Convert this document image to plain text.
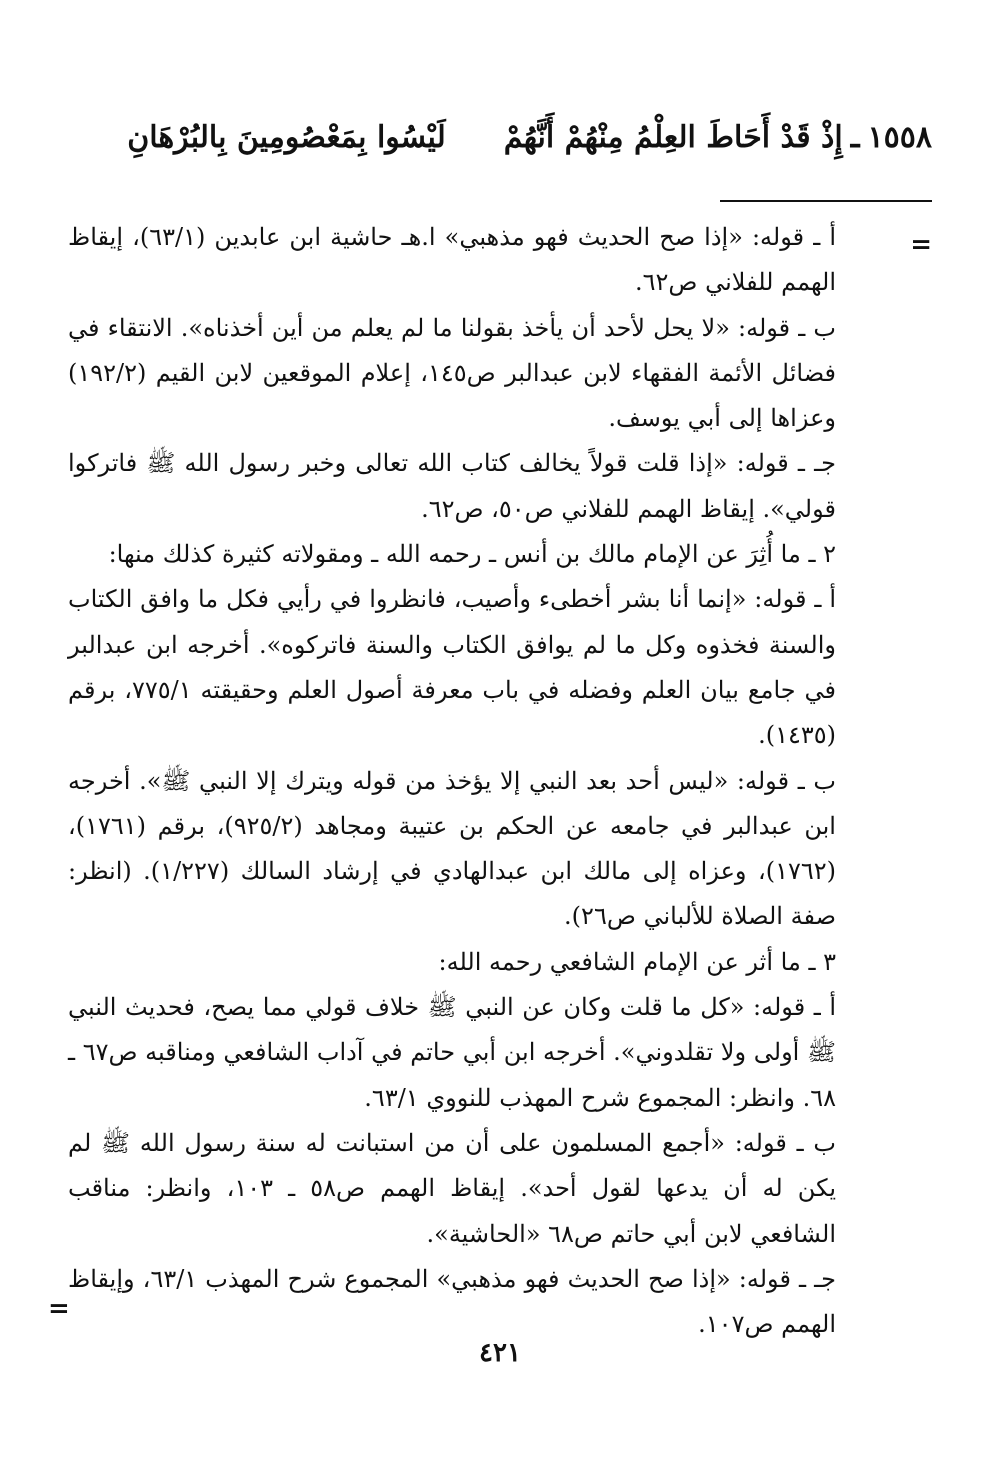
١٥٥٨
ـ
إِذْ قَدْ أَحَاطَ العِلْمُ مِنْهُمْ أَنَّهُمْ
لَيْسُوا بِمَعْصُومِينَ بِالبُرْهَانِ
=

أ ـ قوله: «إذا صح الحديث فهو مذهبي» ا.هـ حاشية ابن عابدين (٦٣/١)، إيقاظ الهمم للفلاني ص٦٢.

ب ـ قوله: «لا يحل لأحد أن يأخذ بقولنا ما لم يعلم من أين أخذناه». الانتقاء في فضائل الأئمة الفقهاء لابن عبدالبر ص١٤٥، إعلام الموقعين لابن القيم (١٩٢/٢) وعزاها إلى أبي يوسف.

جـ ـ قوله: «إذا قلت قولاً يخالف كتاب الله تعالى وخبر رسول الله ﷺ فاتركوا قولي». إيقاظ الهمم للفلاني ص٥٠، ص٦٢.

٢ ـ ما أُثِرَ عن الإمام مالك بن أنس ـ رحمه الله ـ ومقولاته كثيرة كذلك منها:

أ ـ قوله: «إنما أنا بشر أخطىء وأصيب، فانظروا في رأيي فكل ما وافق الكتاب والسنة فخذوه وكل ما لم يوافق الكتاب والسنة فاتركوه». أخرجه ابن عبدالبر في جامع بيان العلم وفضله في باب معرفة أصول العلم وحقيقته ٧٧٥/١، برقم (١٤٣٥).

ب ـ قوله: «ليس أحد بعد النبي إلا يؤخذ من قوله ويترك إلا النبي ﷺ». أخرجه ابن عبدالبر في جامعه عن الحكم بن عتيبة ومجاهد (٩٢٥/٢)، برقم (١٧٦١)، (١٧٦٢)، وعزاه إلى مالك ابن عبدالهادي في إرشاد السالك (١/٢٢٧). (انظر: صفة الصلاة للألباني ص٢٦).

٣ ـ ما أثر عن الإمام الشافعي رحمه الله:

أ ـ قوله: «كل ما قلت وكان عن النبي ﷺ خلاف قولي مما يصح، فحديث النبي ﷺ أولى ولا تقلدوني». أخرجه ابن أبي حاتم في آداب الشافعي ومناقبه ص٦٧ ـ ٦٨. وانظر: المجموع شرح المهذب للنووي ٦٣/١.

ب ـ قوله: «أجمع المسلمون على أن من استبانت له سنة رسول الله ﷺ لم يكن له أن يدعها لقول أحد». إيقاظ الهمم ص٥٨ ـ ١٠٣، وانظر: مناقب الشافعي لابن أبي حاتم ص٦٨ «الحاشية».

جـ ـ قوله: «إذا صح الحديث فهو مذهبي» المجموع شرح المهذب ٦٣/١، وإيقاظ الهمم ص١٠٧.

=
٤٢١
